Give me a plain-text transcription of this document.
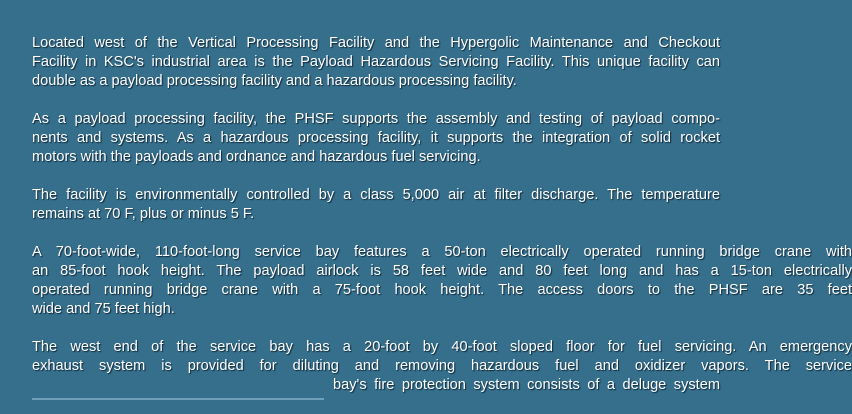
Located west of the Vertical Processing Facility and the Hypergolic Maintenance and Checkout
Facility in KSC's industrial area is the Payload Hazardous Servicing Facility. This unique facility can
double as a payload processing facility and a hazardous processing facility.

As a payload processing facility, the PHSF supports the assembly and testing of payload compo-
nents and systems. As a hazardous processing facility, it supports the integration of solid rocket
motors with the payloads and ordnance and hazardous fuel servicing.

The facility is environmentally controlled by a class 5,000 air at filter discharge. The temperature
remains at 70 F, plus or minus 5 F.

A 70-foot-wide, 110-foot-long service bay features a 50-ton electrically operated running bridge crane with
an 85-foot hook height. The payload airlock is 58 feet wide and 80 feet long and has a 15-ton electrically
operated running bridge crane with a 75-foot hook height. The access doors to the PHSF are 35 feet
wide and 75 feet high.

The west end of the service bay has a 20-foot by 40-foot sloped floor for fuel servicing. An emergency
exhaust system is provided for diluting and removing hazardous fuel and oxidizer vapors. The service
bay's fire protection system consists of a deluge system
